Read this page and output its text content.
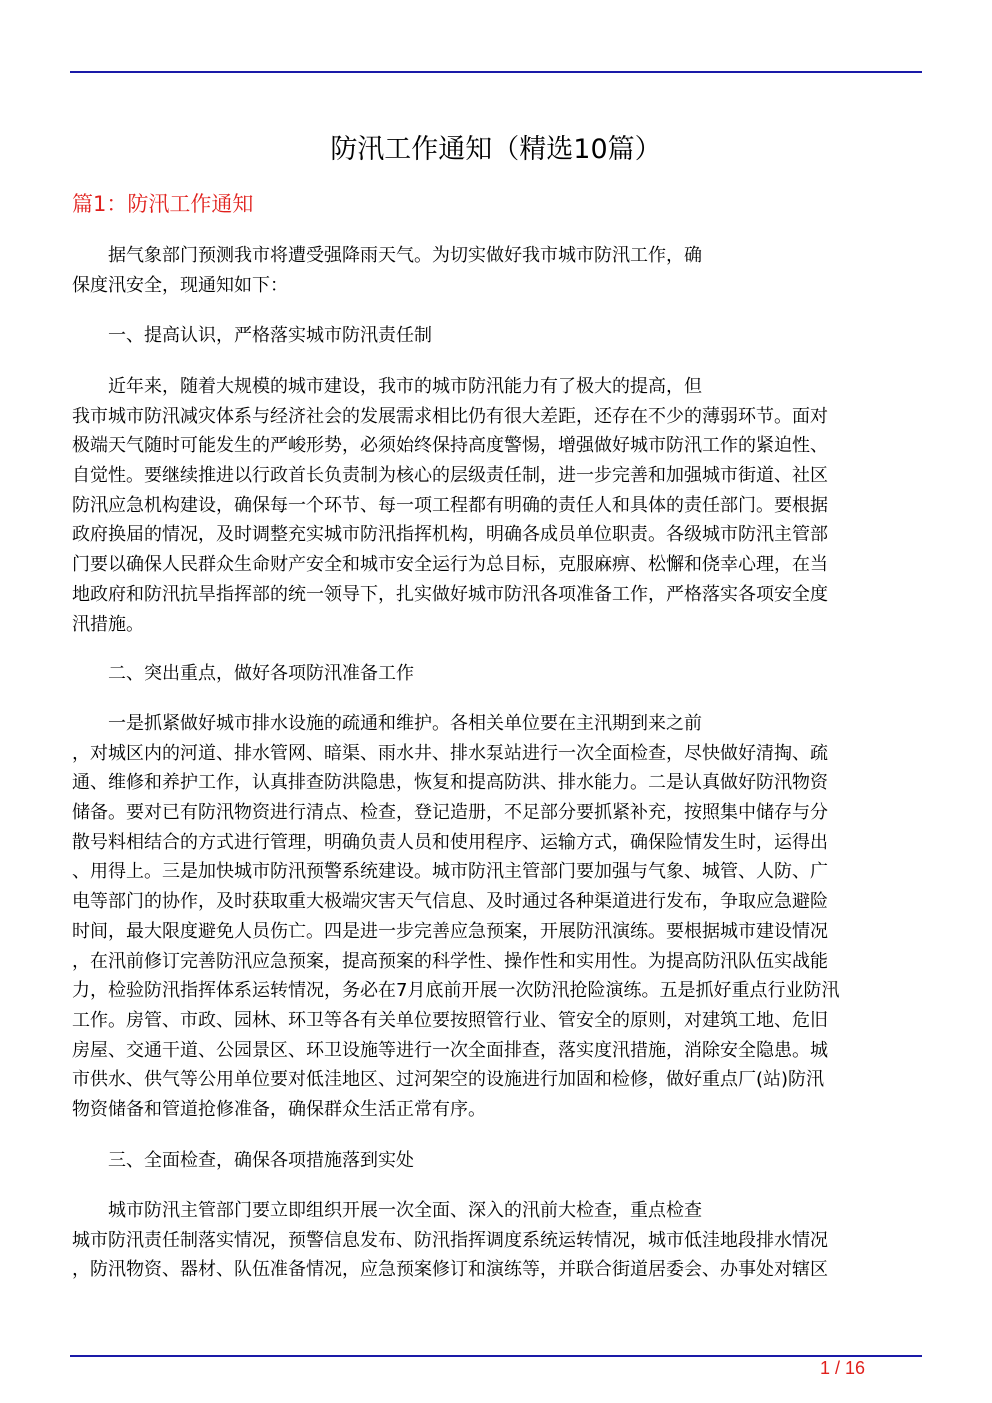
防汛工作通知（精选10篇）
篇1：防汛工作通知
据气象部门预测我市将遭受强降雨天气。为切实做好我市城市防汛工作，确
保度汛安全，现通知如下：
一、提高认识，严格落实城市防汛责任制
近年来，随着大规模的城市建设，我市的城市防汛能力有了极大的提高，但
我市城市防汛减灾体系与经济社会的发展需求相比仍有很大差距，还存在不少的薄弱环节。面对
极端天气随时可能发生的严峻形势，必须始终保持高度警惕，增强做好城市防汛工作的紧迫性、
自觉性。要继续推进以行政首长负责制为核心的层级责任制，进一步完善和加强城市街道、社区
防汛应急机构建设，确保每一个环节、每一项工程都有明确的责任人和具体的责任部门。要根据
政府换届的情况，及时调整充实城市防汛指挥机构，明确各成员单位职责。各级城市防汛主管部
门要以确保人民群众生命财产安全和城市安全运行为总目标，克服麻痹、松懈和侥幸心理，在当
地政府和防汛抗旱指挥部的统一领导下，扎实做好城市防汛各项准备工作，严格落实各项安全度
汛措施。
二、突出重点，做好各项防汛准备工作
一是抓紧做好城市排水设施的疏通和维护。各相关单位要在主汛期到来之前
，对城区内的河道、排水管网、暗渠、雨水井、排水泵站进行一次全面检查，尽快做好清掏、疏
通、维修和养护工作，认真排查防洪隐患，恢复和提高防洪、排水能力。二是认真做好防汛物资
储备。要对已有防汛物资进行清点、检查，登记造册，不足部分要抓紧补充，按照集中储存与分
散号料相结合的方式进行管理，明确负责人员和使用程序、运输方式，确保险情发生时，运得出
、用得上。三是加快城市防汛预警系统建设。城市防汛主管部门要加强与气象、城管、人防、广
电等部门的协作，及时获取重大极端灾害天气信息、及时通过各种渠道进行发布，争取应急避险
时间，最大限度避免人员伤亡。四是进一步完善应急预案，开展防汛演练。要根据城市建设情况
，在汛前修订完善防汛应急预案，提高预案的科学性、操作性和实用性。为提高防汛队伍实战能
力，检验防汛指挥体系运转情况，务必在7月底前开展一次防汛抢险演练。五是抓好重点行业防汛
工作。房管、市政、园林、环卫等各有关单位要按照管行业、管安全的原则，对建筑工地、危旧
房屋、交通干道、公园景区、环卫设施等进行一次全面排查，落实度汛措施，消除安全隐患。城
市供水、供气等公用单位要对低洼地区、过河架空的设施进行加固和检修，做好重点厂(站)防汛
物资储备和管道抢修准备，确保群众生活正常有序。
三、全面检查，确保各项措施落到实处
城市防汛主管部门要立即组织开展一次全面、深入的汛前大检查，重点检查
城市防汛责任制落实情况，预警信息发布、防汛指挥调度系统运转情况，城市低洼地段排水情况
，防汛物资、器材、队伍准备情况，应急预案修订和演练等，并联合街道居委会、办事处对辖区
1 / 16
